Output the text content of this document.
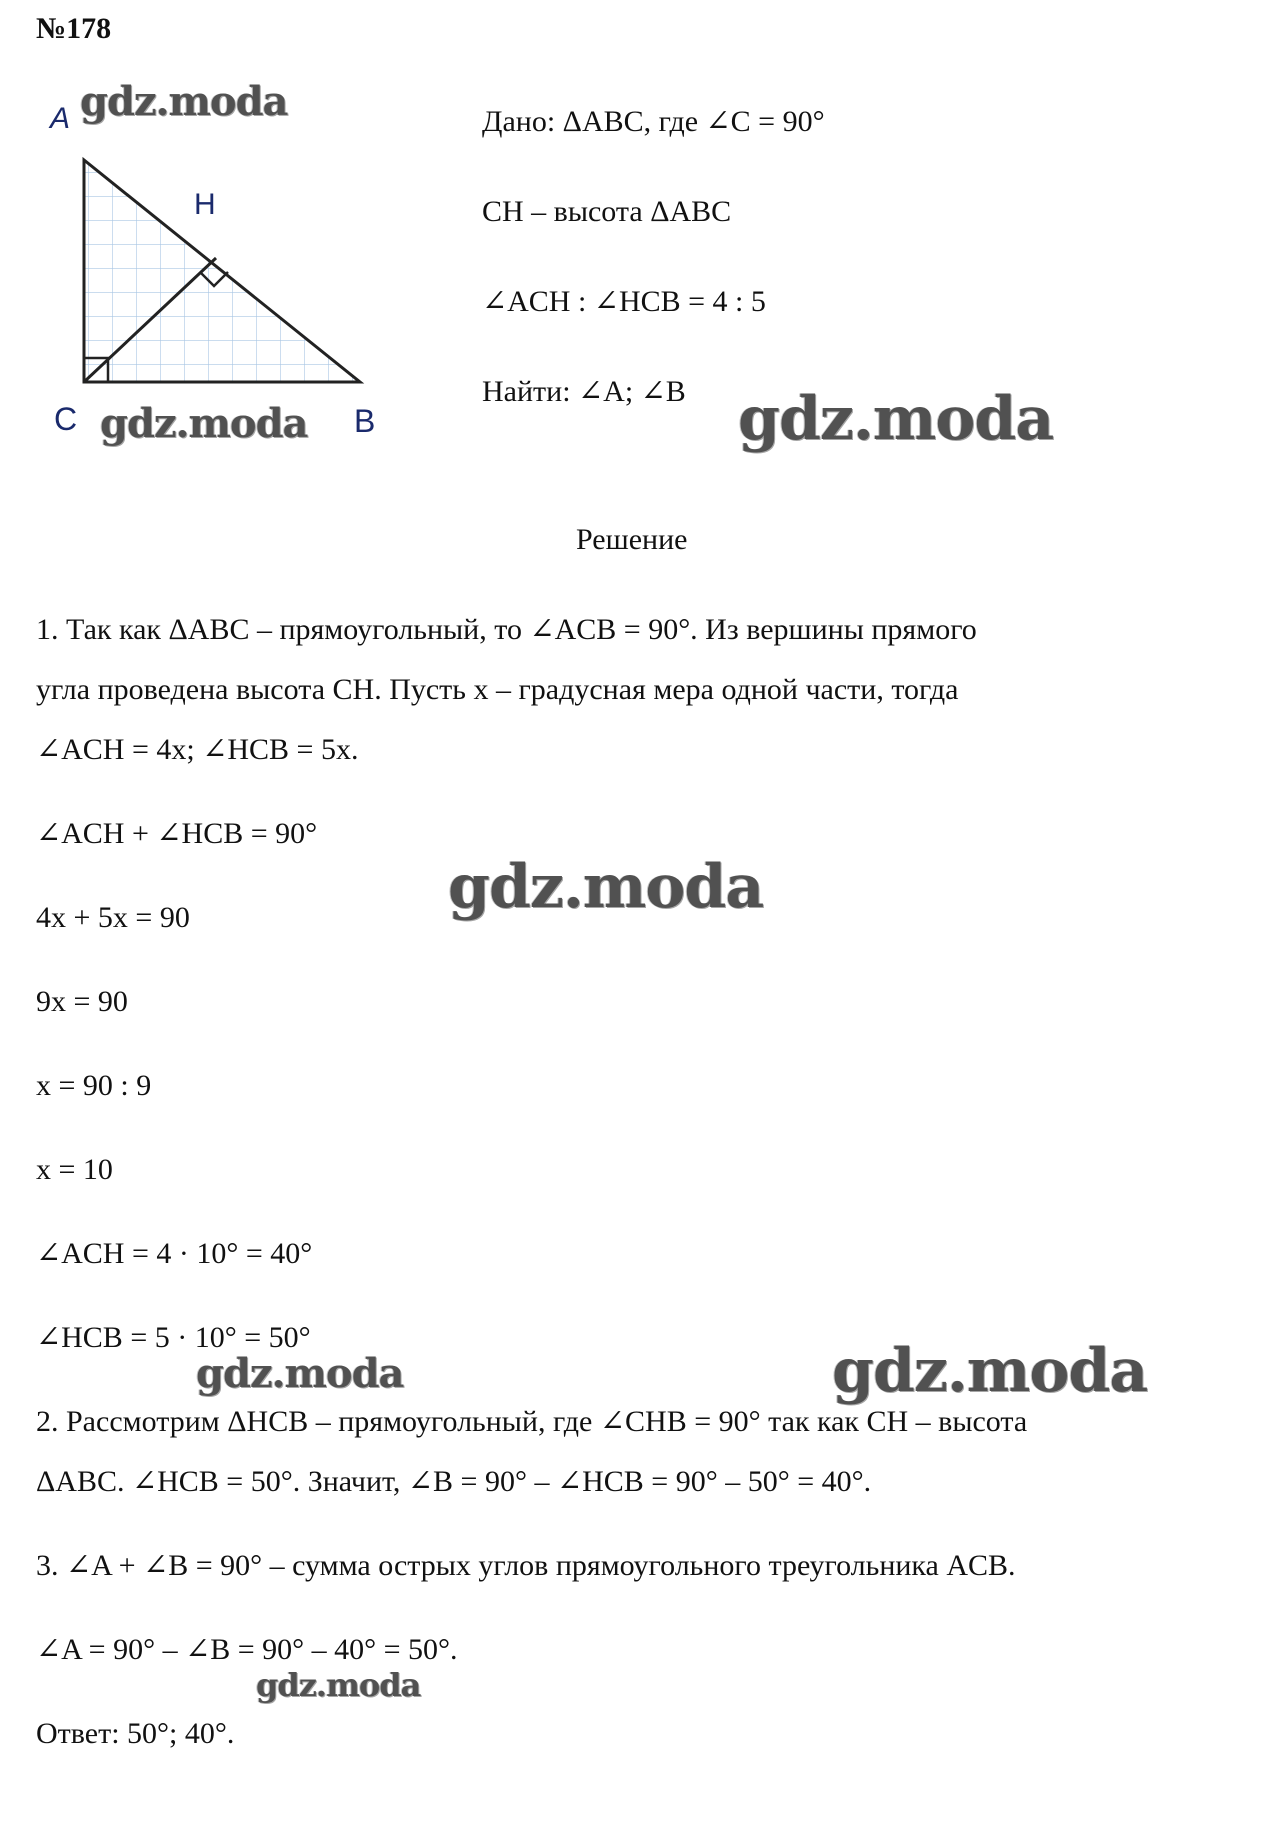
№178
A
H
C	B
Дано: ΔABC, где ∠C = 90°
CH – высота ΔABC
∠ACH : ∠HCB = 4 : 5
Найти: ∠A; ∠B
Решение
1. Так как ΔABC – прямоугольный, то ∠ACB = 90°. Из вершины прямого
угла проведена высота CH. Пусть x – градусная мера одной части, тогда
∠ACH = 4x; ∠HCB = 5x.
∠ACH + ∠HCB = 90°
4x + 5x = 90
9x = 90
x = 90 : 9
x = 10
∠ACH = 4 · 10° = 40°
∠HCB = 5 · 10° = 50°
2. Рассмотрим ΔHCB – прямоугольный, где ∠CHB = 90° так как CH – высота
ΔABC. ∠HCB = 50°. Значит, ∠B = 90° – ∠HCB = 90° – 50° = 40°.
3. ∠A + ∠B = 90° – сумма острых углов прямоугольного треугольника ACB.
∠A = 90° – ∠B = 90° – 40° = 50°.
Ответ: 50°; 40°.
gdz.moda
gdz.moda	gdz.moda
gdz.moda
gdz.moda	gdz.moda
gdz.moda
